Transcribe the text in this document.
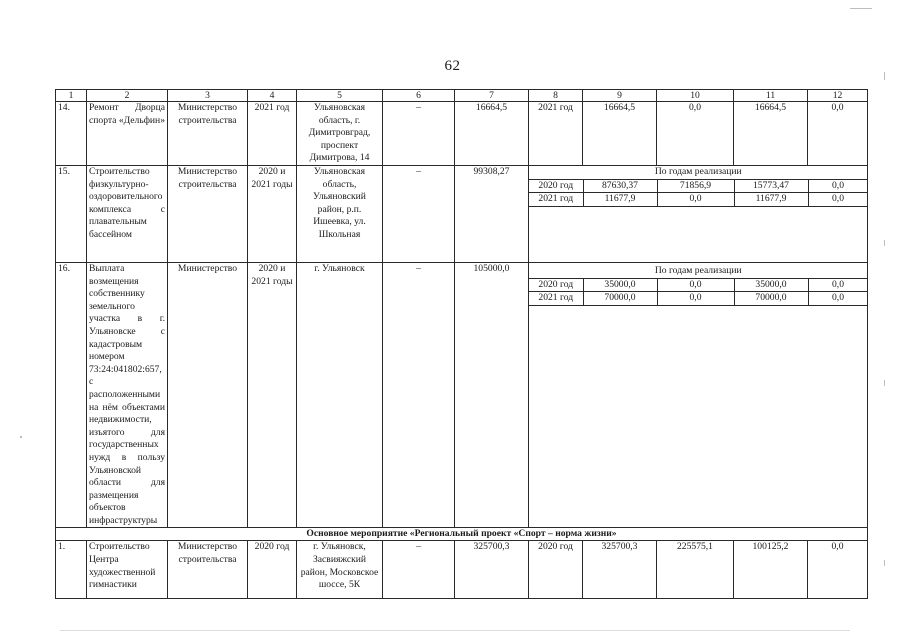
62
1	2	3	4	5	6	7	8	9	10	11	12
14.	Ремонт Дворца спорта «Дельфин»	Министерство строительства	2021 год	Ульяновская область, г. Димитровград, проспект Димитрова, 14	–	16664,5	2021 год	16664,5	0,0	16664,5	0,0
15.	Строительство физкультурно-оздоровительного комплекса с плавательным бассейном	Министерство строительства	2020 и 2021 годы	Ульяновская область, Ульяновский район, р.п. Ишеевка, ул. Школьная	–	99308,27		По годам реализации
2020 год	87630,37	71856,9	15773,47	0,0
2021 год	11677,9	0,0	11677,9	0,0

16.	Выплата возмещения собственнику земельного участка в г. Ульяновске с кадастровым номером 73:24:041802:657, с расположенными на нём объектами недвижимости, изъятого для государственных нужд в пользу Ульяновской области для размещения объектов инфраструктуры	Министерство	2020 и 2021 годы	г. Ульяновск	–	105000,0		По годам реализации
2020 год	35000,0	0,0	35000,0	0,0
2021 год	70000,0	0,0	70000,0	0,0

Основное мероприятие «Региональный проект «Спорт – норма жизни»
1.	Строительство Центра художественной гимнастики	Министерство строительства	2020 год	г. Ульяновск, Засвияжский район, Московское шоссе, 5К	–	325700,3	2020 год	325700,3	225575,1	100125,2	0,0
